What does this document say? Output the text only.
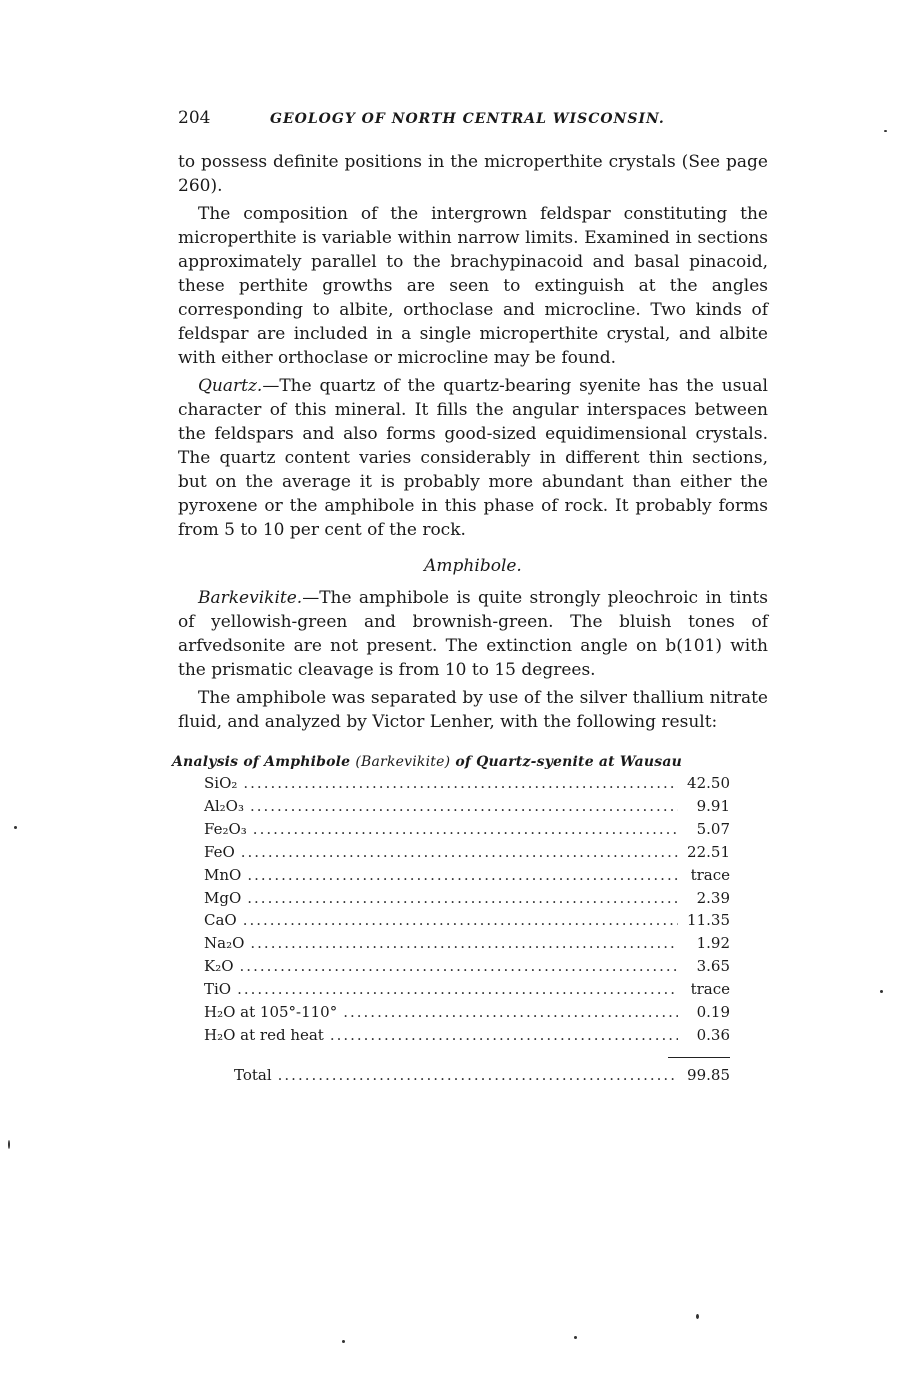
204	GEOLOGY OF NORTH CENTRAL WISCONSIN.

to possess definite positions in the microperthite crystals (See page 260).

The composition of the intergrown feldspar constituting the microperthite is variable within narrow limits. Examined in sections approximately parallel to the brachypinacoid and basal pinacoid, these perthite growths are seen to extinguish at the angles corresponding to albite, orthoclase and microcline. Two kinds of feldspar are included in a single microperthite crystal, and albite with either orthoclase or microcline may be found.

Quartz.—The quartz of the quartz-bearing syenite has the usual character of this mineral. It fills the angular interspaces between the feldspars and also forms good-sized equidimensional crystals. The quartz content varies considerably in different thin sections, but on the average it is probably more abundant than either the pyroxene or the amphibole in this phase of rock. It probably forms from 5 to 10 per cent of the rock.

Amphibole.

Barkevikite.—The amphibole is quite strongly pleochroic in tints of yellowish-green and brownish-green. The bluish tones of arfvedsonite are not present. The extinction angle on b(101) with the prismatic cleavage is from 10 to 15 degrees.

The amphibole was separated by use of the silver thallium nitrate fluid, and analyzed by Victor Lenher, with the following result:

Analysis of Amphibole (Barkevikite) of Quartz-syenite at Wausau
SiO₂ .....	42.50
Al₂O₃ .....	9.91
Fe₂O₃ .....	5.07
FeO .....	22.51
MnO .....	trace
MgO .....	2.39
CaO .....	11.35
Na₂O .....	1.92
K₂O .....	3.65
TiO .....	trace
H₂O at 105°-110° .....	0.19
H₂O at red heat .....	0.36
Total .....	99.85
